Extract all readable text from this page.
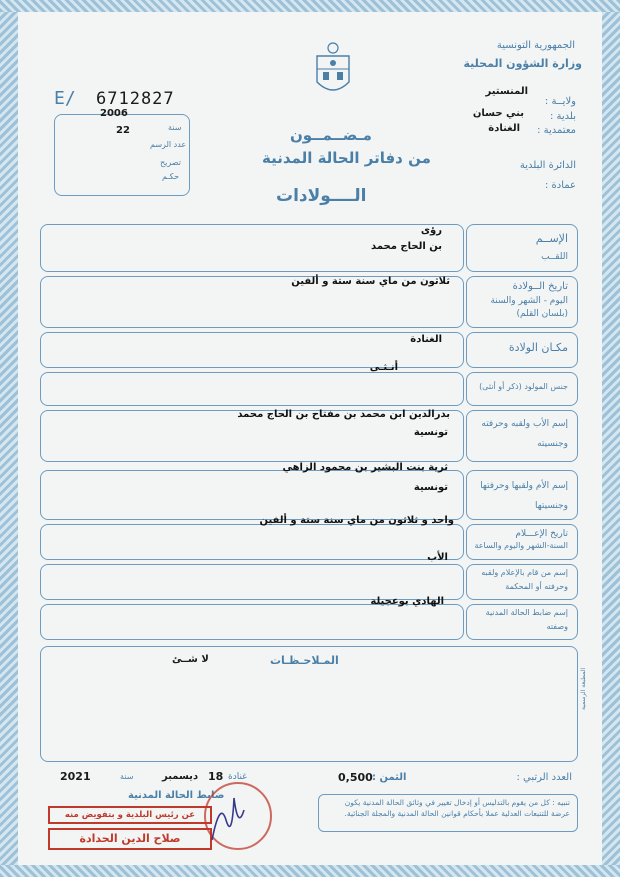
الجمهورية التونسية
وزارة الشؤون المحلية
ولايــة :
المنستير
بلدية :
بني حسان
معتمدية :
الغنادة
الدائرة البلدية
عمادة :
E/ 6712827
2006
سنة
22
عدد الرسم
تصريح
حكـم
مـضــمــون
من دفاتر الحالة المدنية
الــــولادات
الإســم
اللقــب
رؤى
بن الحاج محمد
تاريخ الــولادة
اليوم - الشهر والسنة
(بلسان القلم)
ثلاثون من ماي سنة ستة و ألفين
مكـان الولادة
الغنادة
جنس المولود (ذكر أو أنثى)
أنـثـى
إسم الأب ولقبه وحرفته
وجنسيته
بدرالدين ابن محمد بن مفتاح بن الحاج محمد
تونسية
إسم الأم ولقبها وحرفتها
وجنسيتها
ثرية بنت البشير بن محمود الزاهي
تونسية
تاريخ الإعـــلام
السنة-الشهر واليوم والساعة
واحد و ثلاثون من ماي سنة ستة و ألفين
إسم من قام بالإعلام ولقبه
وحرفته أو المحكمة
الأب
إسم ضابط الحالة المدنية
وصفته
الهادي بوعجيلة
المـلاحـظـات
لا شــئ
المطبعة الرسمية
العدد الرتبي :
الثمن :
0,500
غنادة
18
ديسمبر
سنة
2021
ضابط الحالة المدنية
تنبيه : كل من يقوم بالتدليس أو إدخال تغيير في وثائق الحالة المدنية يكون عرضة للتتبعات العدلية عملا بأحكام قوانين الحالة المدنية والمجلة الجنائية.
عن رئيس البلدية و بتفويض منه
صلاح الدين الحدادة
